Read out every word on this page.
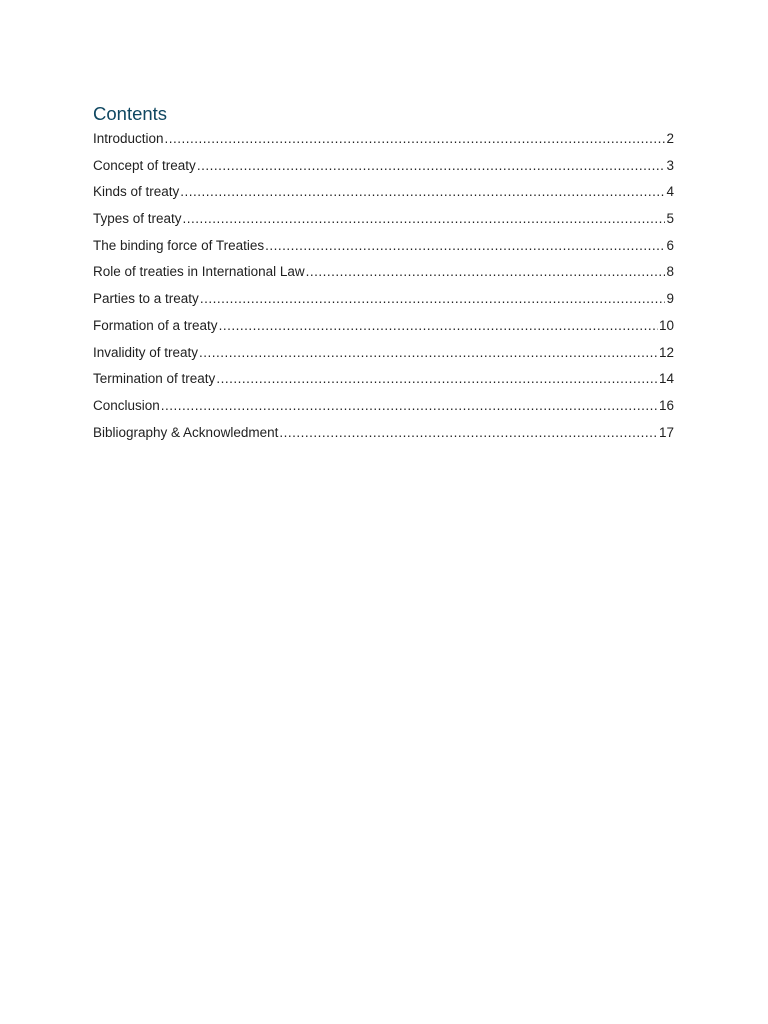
Contents
Introduction .....	2
Concept of treaty .....	3
Kinds of treaty .....	4
Types of treaty .....	5
The binding force of Treaties .....	6
Role of treaties in International Law .....	8
Parties to a treaty .....	9
Formation of a treaty .....	10
Invalidity of treaty .....	12
Termination of treaty .....	14
Conclusion .....	16
Bibliography & Acknowledment .....	17
